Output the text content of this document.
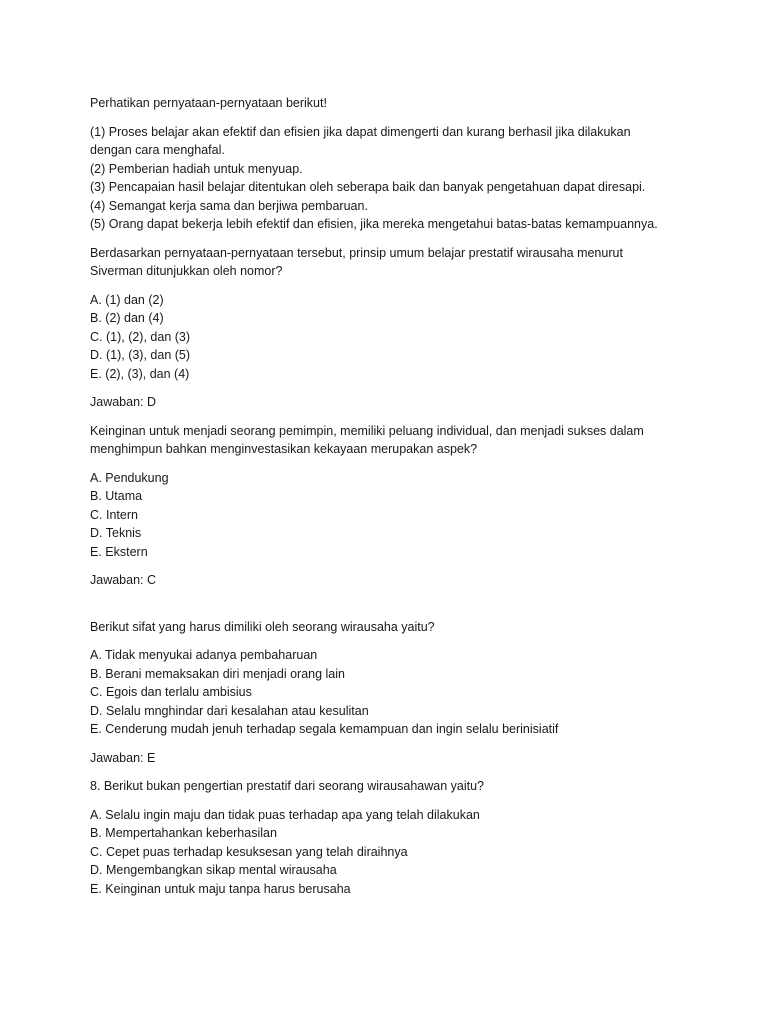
Perhatikan pernyataan-pernyataan berikut!

(1) Proses belajar akan efektif dan efisien jika dapat dimengerti dan kurang berhasil jika dilakukan
dengan cara menghafal.
(2) Pemberian hadiah untuk menyuap.
(3) Pencapaian hasil belajar ditentukan oleh seberapa baik dan banyak pengetahuan dapat diresapi.
(4) Semangat kerja sama dan berjiwa pembaruan.
(5) Orang dapat bekerja lebih efektif dan efisien, jika mereka mengetahui batas-batas kemampuannya.
Berdasarkan pernyataan-pernyataan tersebut, prinsip umum belajar prestatif wirausaha menurut
Siverman ditunjukkan oleh nomor?
A. (1) dan (2)
B. (2) dan (4)
C. (1), (2), dan (3)
D. (1), (3), dan (5)
E. (2), (3), dan (4)

Jawaban: D

Keinginan untuk menjadi seorang pemimpin, memiliki peluang individual, dan menjadi sukses dalam
menghimpun bahkan menginvestasikan kekayaan merupakan aspek?
A. Pendukung
B. Utama
C. Intern
D. Teknis
E. Ekstern

Jawaban: C

Berikut sifat yang harus dimiliki oleh seorang wirausaha yaitu?
A. Tidak menyukai adanya pembaharuan
B. Berani memaksakan diri menjadi orang lain
C. Egois dan terlalu ambisius
D. Selalu mnghindar dari kesalahan atau kesulitan
E. Cenderung mudah jenuh terhadap segala kemampuan dan ingin selalu berinisiatif

Jawaban: E

8. Berikut bukan pengertian prestatif dari seorang wirausahawan yaitu?
A. Selalu ingin maju dan tidak puas terhadap apa yang telah dilakukan
B. Mempertahankan keberhasilan
C. Cepet puas terhadap kesuksesan yang telah diraihnya
D. Mengembangkan sikap mental wirausaha
E. Keinginan untuk maju tanpa harus berusaha
